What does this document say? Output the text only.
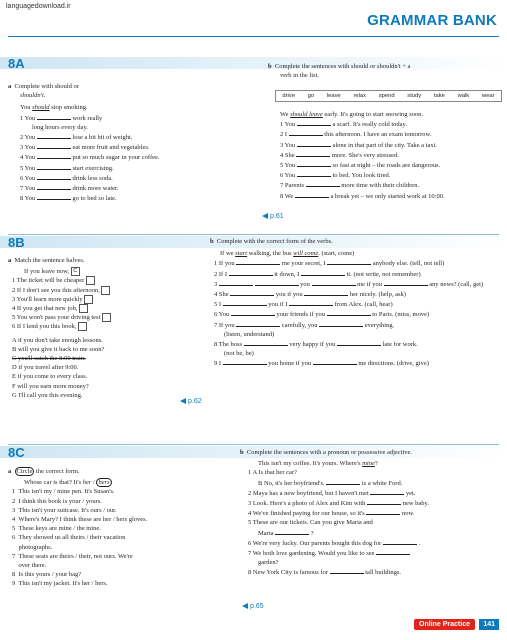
languagedownload.ir
GRAMMAR BANK
8A
a Complete with should or
shouldn't.
You should stop smoking.
1 You	work really
long hours every day.
2 You	lose a bit bit of weight.
3 You	eat more fruit and vegetables.
4 You	put so much sugar in your coffee.
5 You	start exercising.
6 You	drink less soda.
7 You	drink more water.
8 You	go to bed so late.
b Complete the sentences with should or shouldn't + a
verb in the list.
drive go leave relax spend study take walk wear
We should leave early. It's going to start snowing soon.
1 You	a scarf. It's really cold today.
2 I	this afternoon. I have an exam tomorrow.
3 You	alone in that part of the city. Take a taxi.
4 She	more. She's very stressed.
5 You	so fast at night – the roads are dangerous.
6 You	to bed. You look tired.
7 Parents	more time with their children.
8 We	a break yet – we only started work at 10:00.
p.61
8B
a Match the sentence halves.
If you leave now, C
1 The ticket will be cheaper
2 If I don't see you this afternoon,
3 You'll learn more quickly
4 If you get that new job,
5 You won't pass your driving test
6 If I lend you this book,
A if you don't take enough lessons.
B will you give it back to me soon?
C you'll catch the 8:00 train.
D if you travel after 9:00.
E if you come to every class.
F will you earn more money?
G I'll call you this evening.
b Complete with the correct form of the verbs.
If we start walking, the bus will come. (start, come)
1 If you	me your secret, I	anybody else. (tell, not tell)
2 If I	it down, I	it. (not write, not remember)
3	you	me if you	any news? (call, get)
4 She	you if you	her nicely. (help, ask)
5 I	you if I	from Alex. (call, hear)
6 You	your friends if you	to Paris. (miss, move)
7 If you	carefully, you	everything.
(listen, understand)
8 The boss	very happy if you	late for work.
(not be, be)
9 I	you home if you	me directions. (drive, give)
p.62
8C
a Circle the correct form.
Whose car is that? It's her / hers
1  This isn't my / mine pen. It's Susan's.
2  I think this book is your / yours.
3  This isn't your suitcase. It's ours / our.
4  Where's Mary? I think these are her / hers gloves.
5  These keys are mine / the mine.
6  They showed us all theirs / their vacation
photographs.
7  These seats are theirs / their, not ours. We're
over there.
8  Is this yours / your bag?
9  This isn't my jacket. It's her / hers.
b Complete the sentences with a pronoun or possessive adjective.
This isn't my coffee. It's yours. Where's mine?
1 A Is that her car?
B No, it's her boyfriend's.	is a white Ford.
2 Maya has a new boyfriend, but I haven't met	yet.
3 Look. Here's a photo of Alex and Kim with	new baby.
4 We've finished paying for our house, so it's	now.
5 These are our tickets. Can you give Maria and
Marta	?
6 We're very lucky. Our parents bought this dog for	.
7 We both love gardening. Would you like to see
garden?
8 New York City is famous for	tall buildings.
p.65
Online Practice	141
